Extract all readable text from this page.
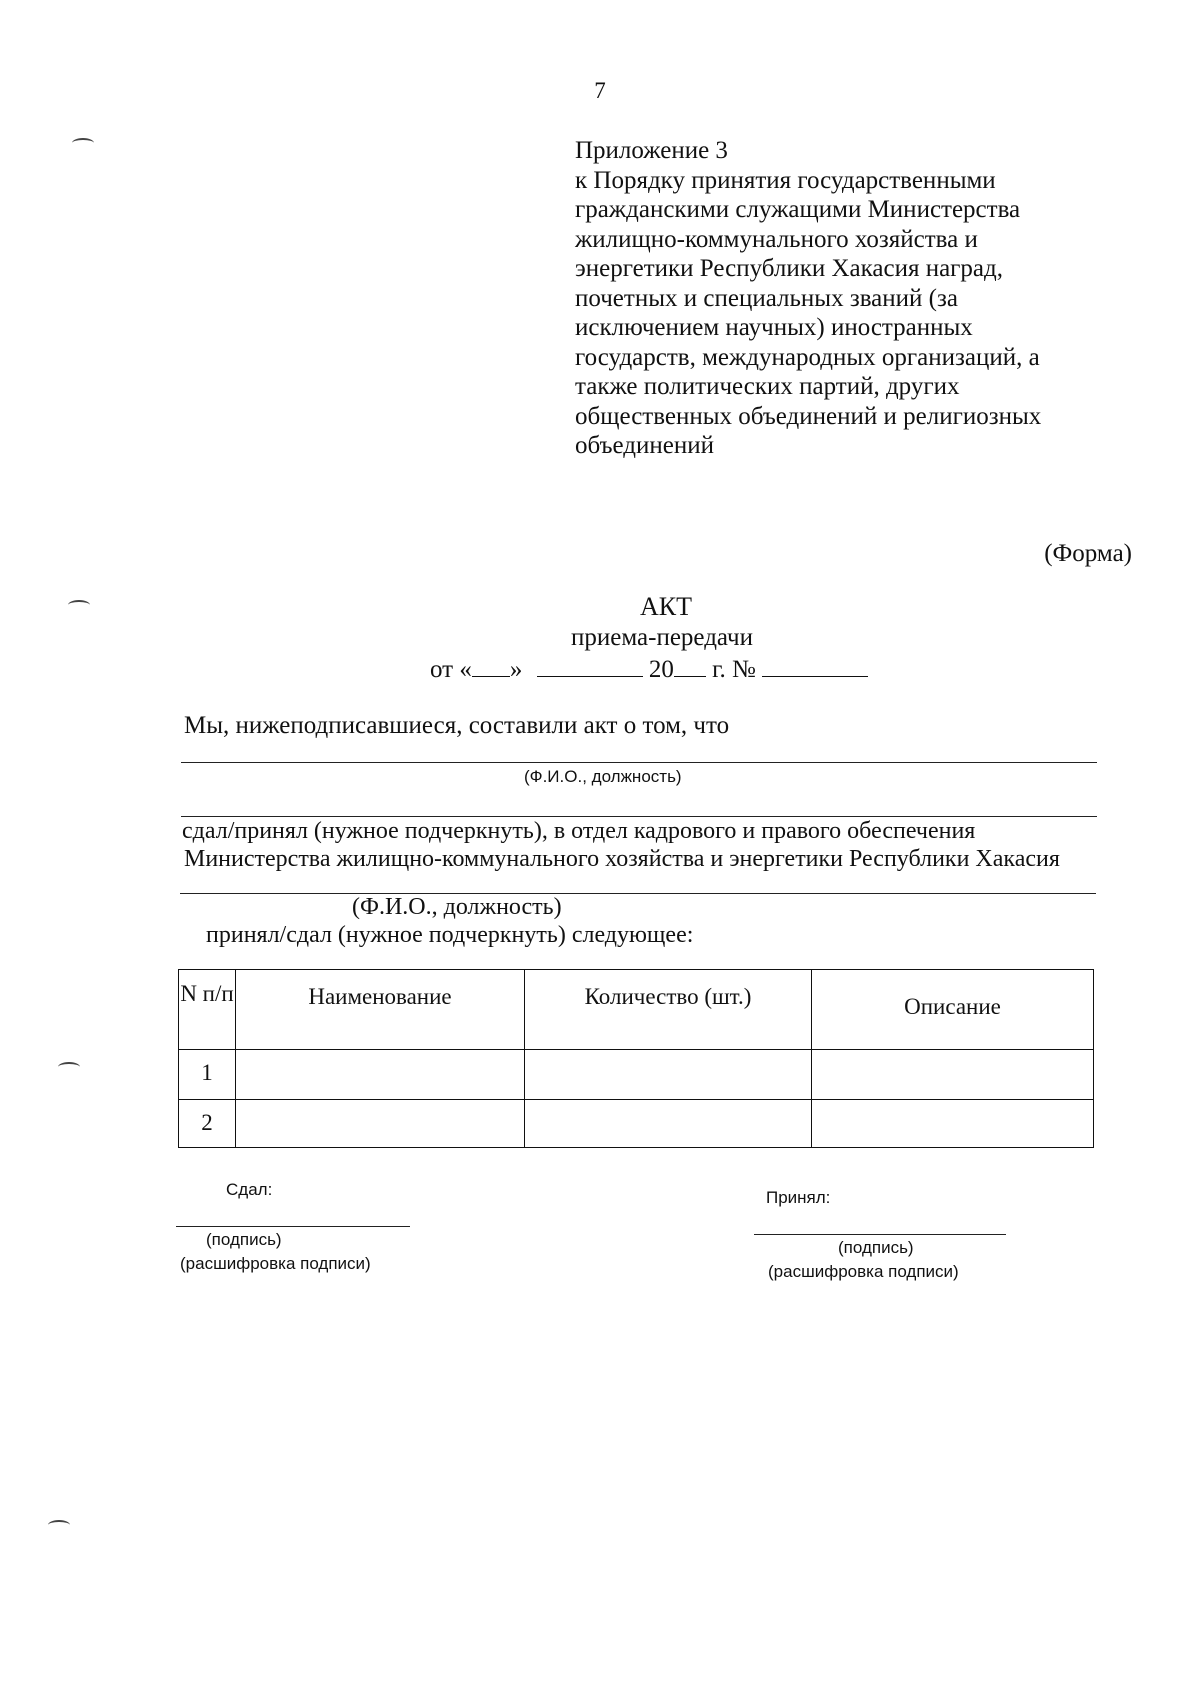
7
Приложение 3
к Порядку принятия государственными
гражданскими служащими Министерства
жилищно-коммунального хозяйства и
энергетики Республики Хакасия наград,
почетных и специальных званий (за
исключением научных) иностранных
государств, международных организаций, а
также политических партий, других
общественных объединений и религиозных
объединений
(Форма)
АКТ
приема-передачи
от « »	20 г. №
Мы, нижеподписавшиеся, составили акт о том, что
(Ф.И.О., должность)
сдал/принял (нужное подчеркнуть), в отдел кадрового и правого обеспечения
Министерства жилищно-коммунального хозяйства и энергетики Республики Хакасия
(Ф.И.О., должность)
принял/сдал (нужное подчеркнуть) следующее:
N п/п	Наименование	Количество (шт.)	Описание
1			
2			
Сдал:
(подпись)
(расшифровка подписи)
Принял:
(подпись)
(расшифровка подписи)
